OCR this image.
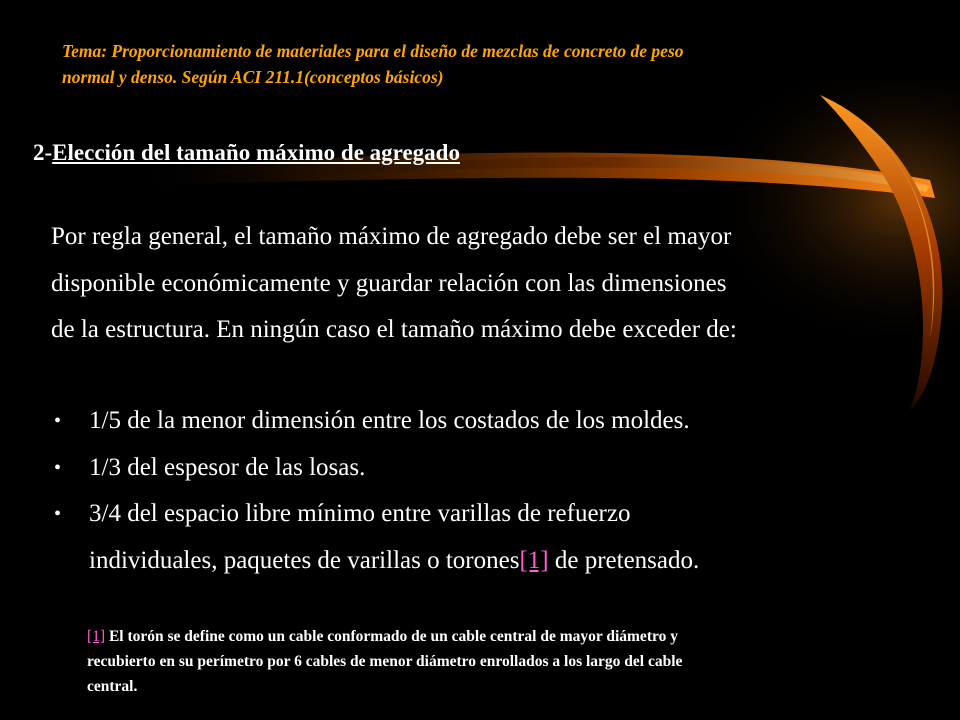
Tema: Proporcionamiento de materiales para el diseño de mezclas de concreto de peso
normal y denso. Según ACI 211.1(conceptos básicos)
2-Elección del tamaño máximo de agregado
Por regla general, el tamaño máximo de agregado debe ser el mayor
disponible económicamente y guardar relación con las dimensiones
de la estructura. En ningún caso el tamaño máximo debe exceder de:
• 1/5 de la menor dimensión entre los costados de los moldes.
• 1/3 del espesor de las losas.
• 3/4 del espacio libre mínimo entre varillas de refuerzo
individuales, paquetes de varillas o torones[1] de pretensado.
[1] El torón se define como un cable conformado de un cable central de mayor diámetro y
recubierto en su perímetro por 6 cables de menor diámetro enrollados a los largo del cable
central.
